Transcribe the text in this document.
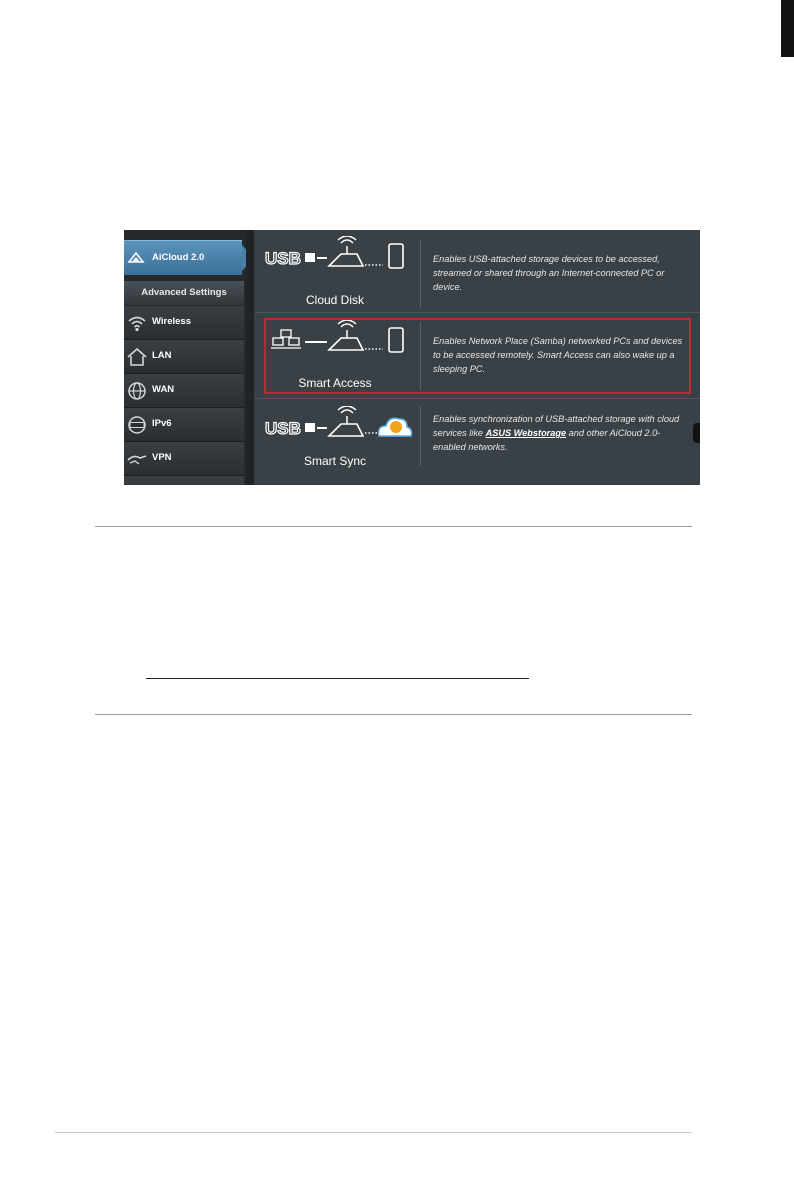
AiCloud 2.0
Advanced Settings
Wireless
LAN
WAN
IPv6
VPN
USB
Cloud Disk
Enables USB-attached storage devices to be accessed, streamed or shared through an Internet-connected PC or device.
Smart Access
Enables Network Place (Samba) networked PCs and devices to be accessed remotely. Smart Access can also wake up a sleeping PC.
USB
Smart Sync
Enables synchronization of USB-attached storage with cloud services like ASUS Webstorage and other AiCloud 2.0-enabled networks.
